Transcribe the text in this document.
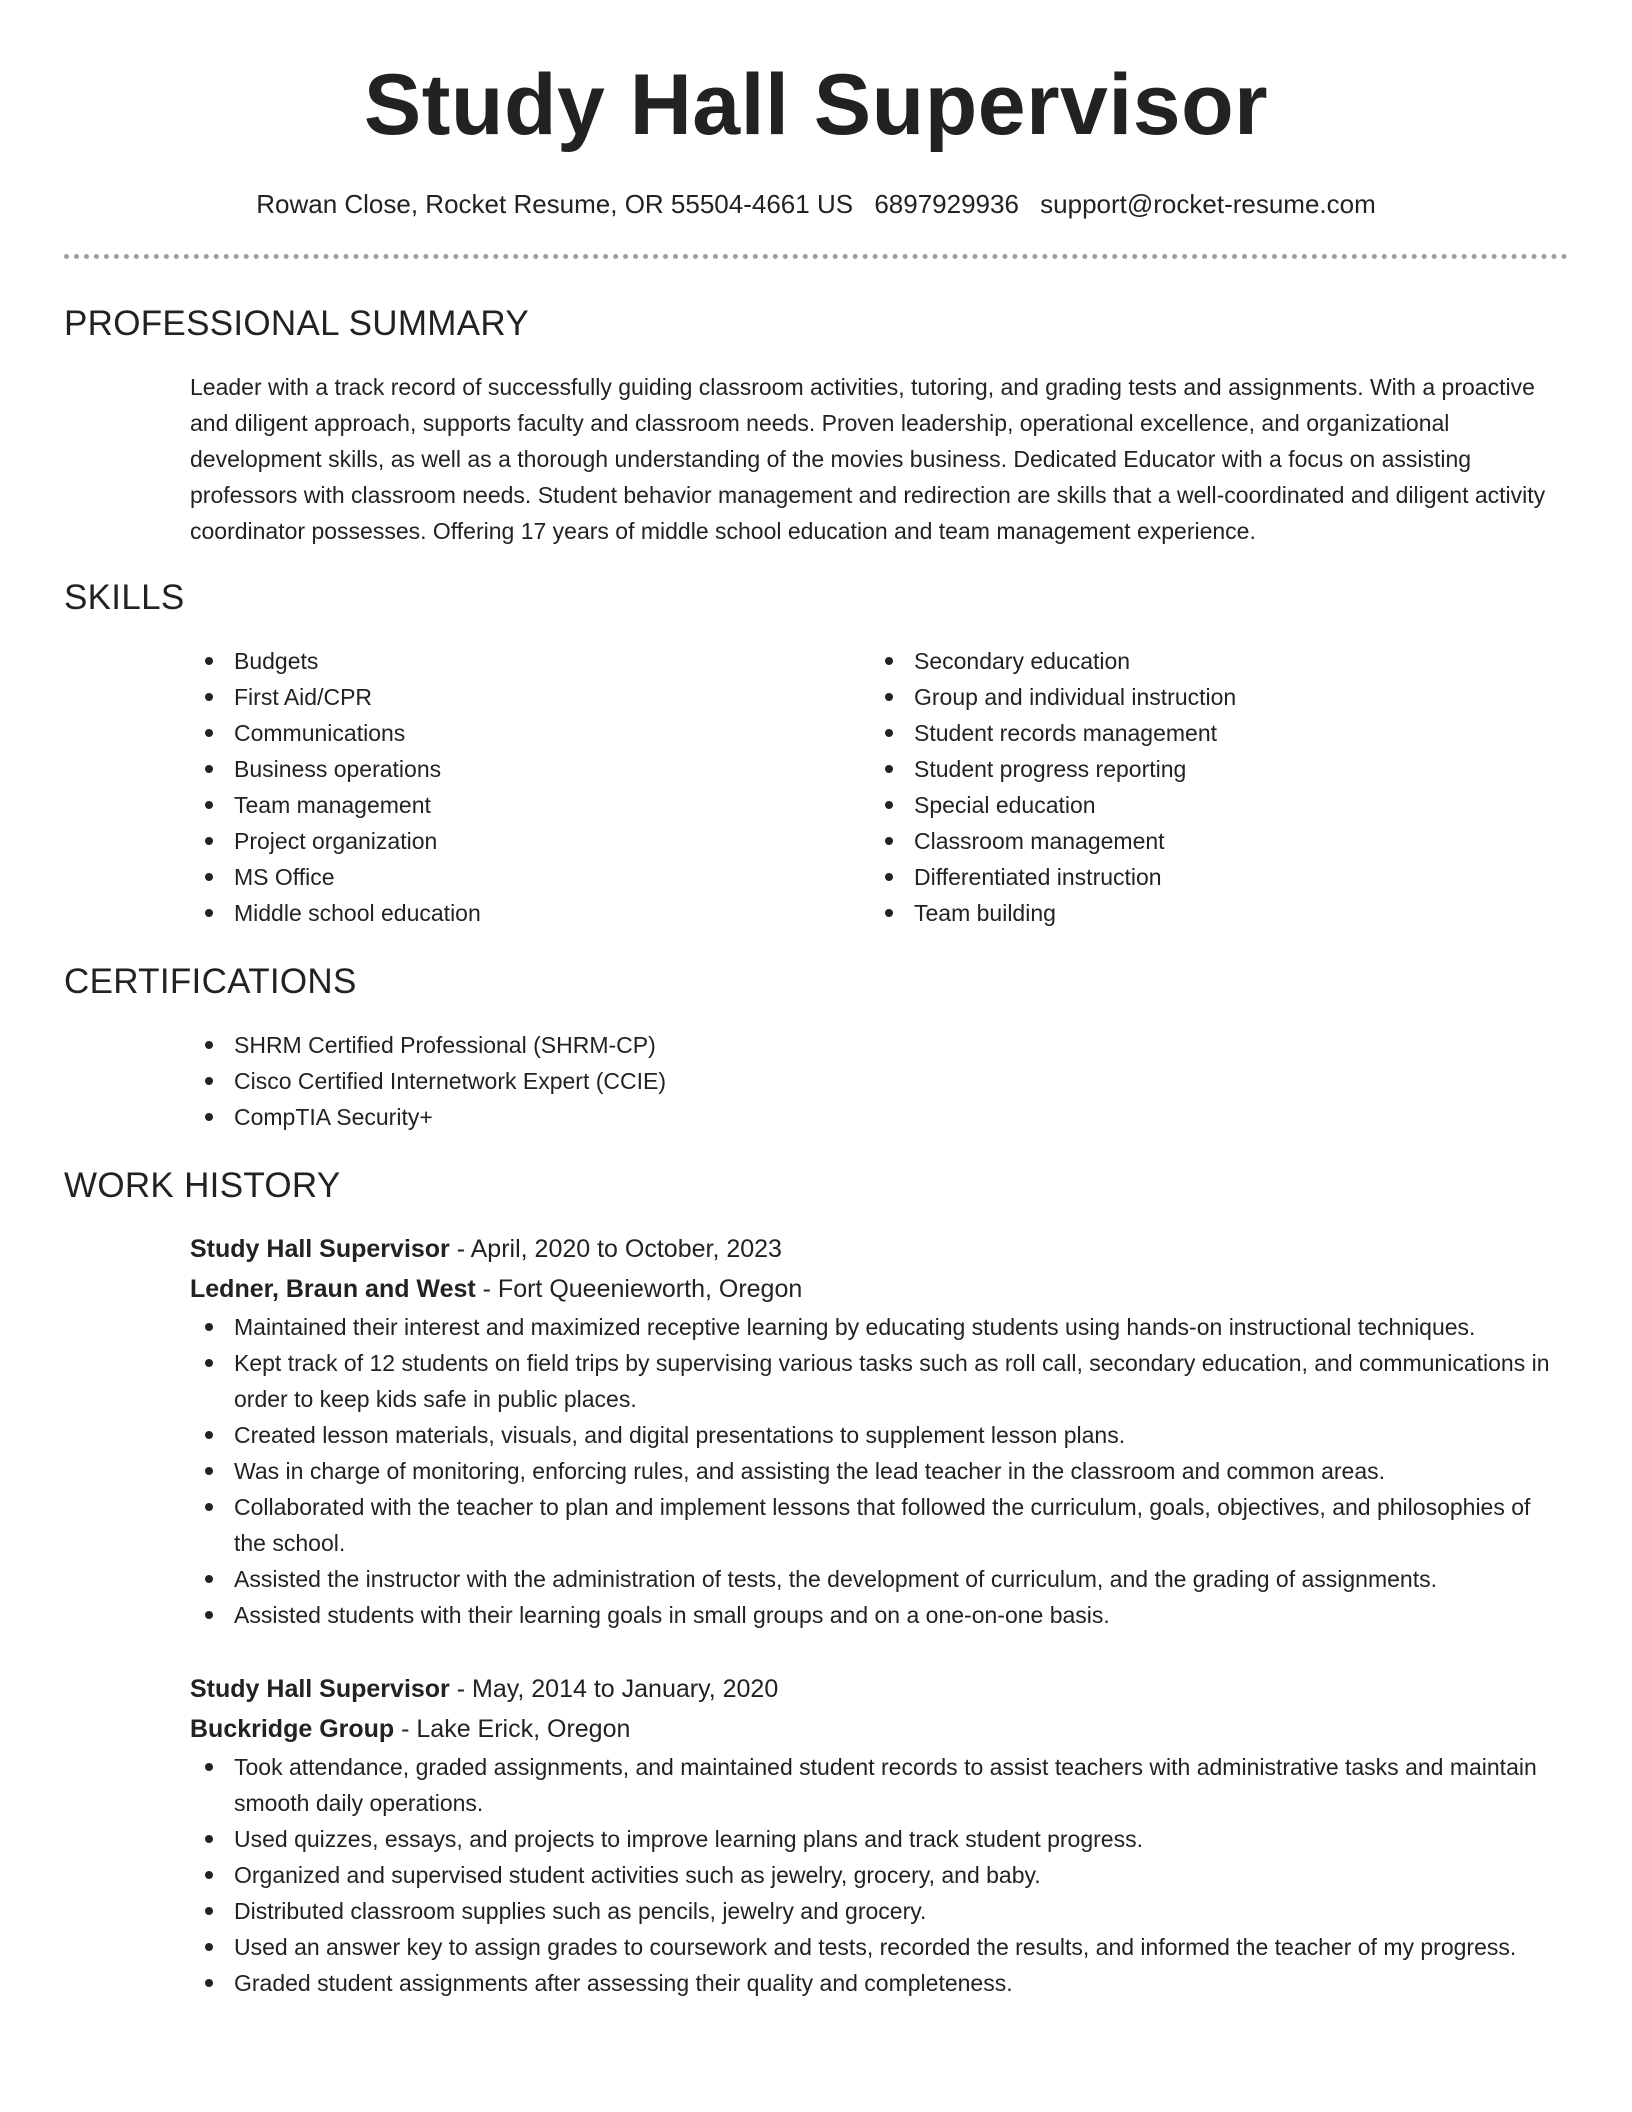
Study Hall Supervisor
Rowan Close, Rocket Resume, OR 55504-4661 US 6897929936 support@rocket-resume.com
PROFESSIONAL SUMMARY
Leader with a track record of successfully guiding classroom activities, tutoring, and grading tests and assignments. With a proactive and diligent approach, supports faculty and classroom needs. Proven leadership, operational excellence, and organizational development skills, as well as a thorough understanding of the movies business. Dedicated Educator with a focus on assisting professors with classroom needs. Student behavior management and redirection are skills that a well-coordinated and diligent activity coordinator possesses. Offering 17 years of middle school education and team management experience.
SKILLS
Budgets
First Aid/CPR
Communications
Business operations
Team management
Project organization
MS Office
Middle school education
Secondary education
Group and individual instruction
Student records management
Student progress reporting
Special education
Classroom management
Differentiated instruction
Team building
CERTIFICATIONS
SHRM Certified Professional (SHRM-CP)
Cisco Certified Internetwork Expert (CCIE)
CompTIA Security+
WORK HISTORY
Study Hall Supervisor - April, 2020 to October, 2023
Ledner, Braun and West - Fort Queenieworth, Oregon
Maintained their interest and maximized receptive learning by educating students using hands-on instructional techniques.
Kept track of 12 students on field trips by supervising various tasks such as roll call, secondary education, and communications in order to keep kids safe in public places.
Created lesson materials, visuals, and digital presentations to supplement lesson plans.
Was in charge of monitoring, enforcing rules, and assisting the lead teacher in the classroom and common areas.
Collaborated with the teacher to plan and implement lessons that followed the curriculum, goals, objectives, and philosophies of the school.
Assisted the instructor with the administration of tests, the development of curriculum, and the grading of assignments.
Assisted students with their learning goals in small groups and on a one-on-one basis.
Study Hall Supervisor - May, 2014 to January, 2020
Buckridge Group - Lake Erick, Oregon
Took attendance, graded assignments, and maintained student records to assist teachers with administrative tasks and maintain smooth daily operations.
Used quizzes, essays, and projects to improve learning plans and track student progress.
Organized and supervised student activities such as jewelry, grocery, and baby.
Distributed classroom supplies such as pencils, jewelry and grocery.
Used an answer key to assign grades to coursework and tests, recorded the results, and informed the teacher of my progress.
Graded student assignments after assessing their quality and completeness.
